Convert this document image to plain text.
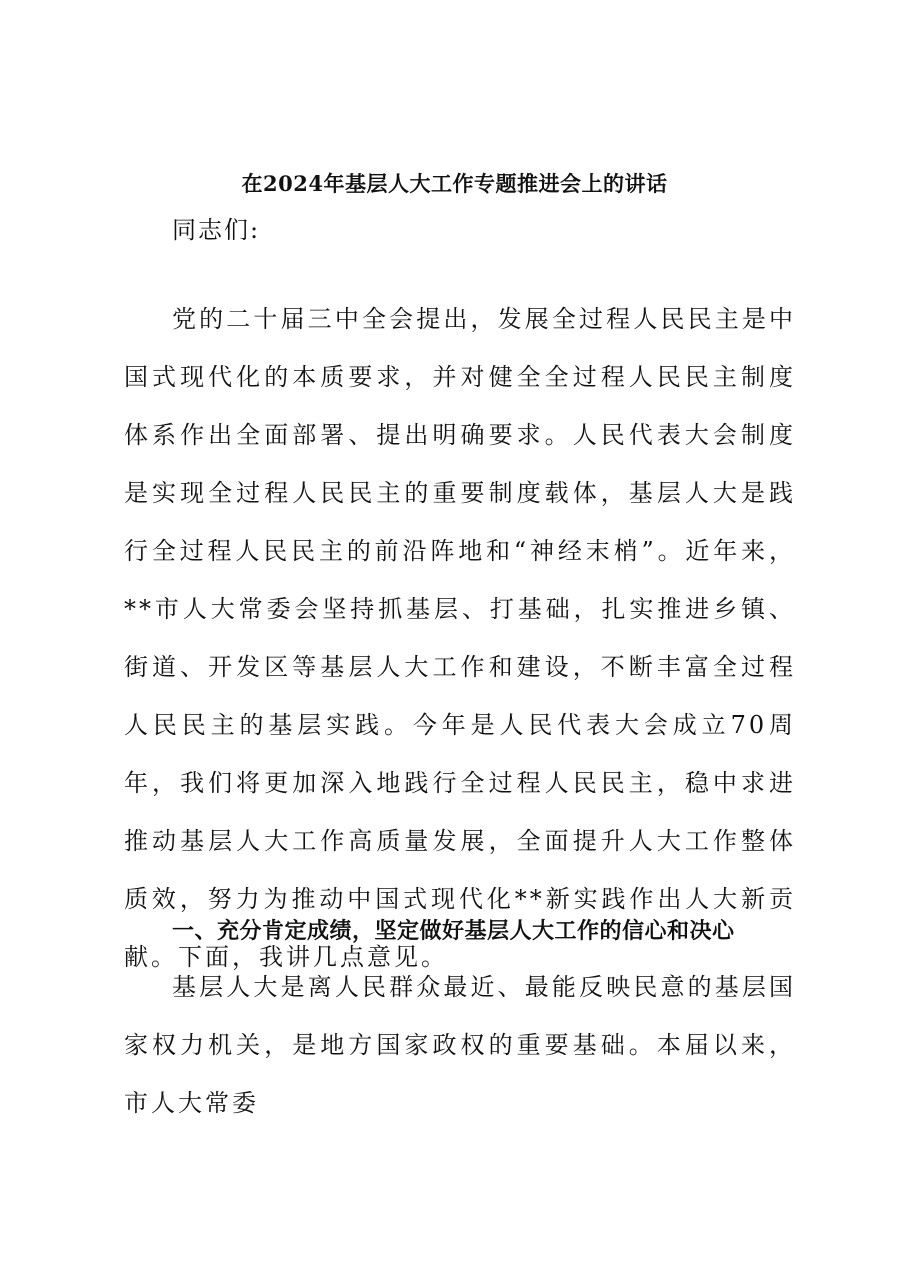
在2024年基层人大工作专题推进会上的讲话
同志们:
党的二十届三中全会提出，发展全过程人民民主是中国式现代化的本质要求，并对健全全过程人民民主制度体系作出全面部署、提出明确要求。人民代表大会制度是实现全过程人民民主的重要制度载体，基层人大是践行全过程人民民主的前沿阵地和“神经末梢”。近年来，**市人大常委会坚持抓基层、打基础，扎实推进乡镇、街道、开发区等基层人大工作和建设，不断丰富全过程人民民主的基层实践。今年是人民代表大会成立70周年，我们将更加深入地践行全过程人民民主，稳中求进推动基层人大工作高质量发展，全面提升人大工作整体质效，努力为推动中国式现代化**新实践作出人大新贡献。下面，我讲几点意见。
一、充分肯定成绩，坚定做好基层人大工作的信心和决心
基层人大是离人民群众最近、最能反映民意的基层国家权力机关，是地方国家政权的重要基础。本届以来，市人大常委
